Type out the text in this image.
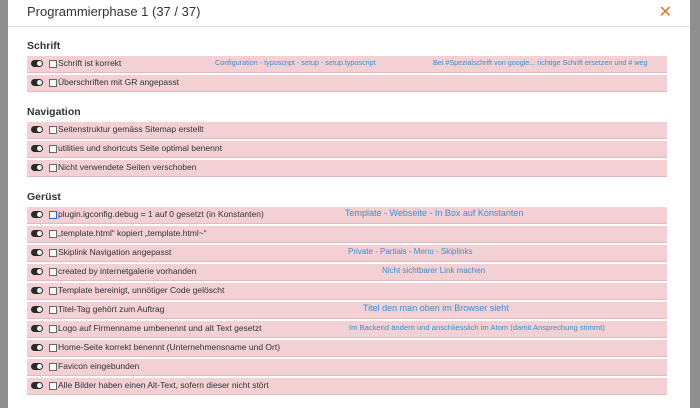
Programmierphase 1 (37 / 37)	✕
Schrift
Schrift ist korrekt	Configuration - typoscript - setup - setup.typoscript	Bei #Spezialschrift von google... richtige Schrift ersetzen und # weg
Überschriften mit GR angepasst
Navigation
Seitenstruktur gemäss Sitemap erstellt
utilities und shortcuts Seite optimal benennt
Nicht verwendete Seiten verschoben
Gerüst
plugin.igconfig.debug = 1 auf 0 gesetzt (in Konstanten)	Template - Webseite - In Box auf Konstanten
„template.html“ kopiert „template.html~“
Skiplink Navigation angepasst	Private - Partials - Menu - Skiplinks
created by internetgalerie vorhanden	Nicht sichtbarer Link machen
Template bereinigt, unnötiger Code gelöscht
Titel-Tag gehört zum Auftrag	Titel den man oben im Browser sieht
Logo auf Firmenname umbenennt und alt Text gesetzt	Im Backend ändern und anschliesslich im Atom (damit Ansprechung stimmt)
Home-Seite korrekt benennt (Unternehmensname und Ort)
Favicon eingebunden
Alle Bilder haben einen Alt-Text, sofern dieser nicht stört
